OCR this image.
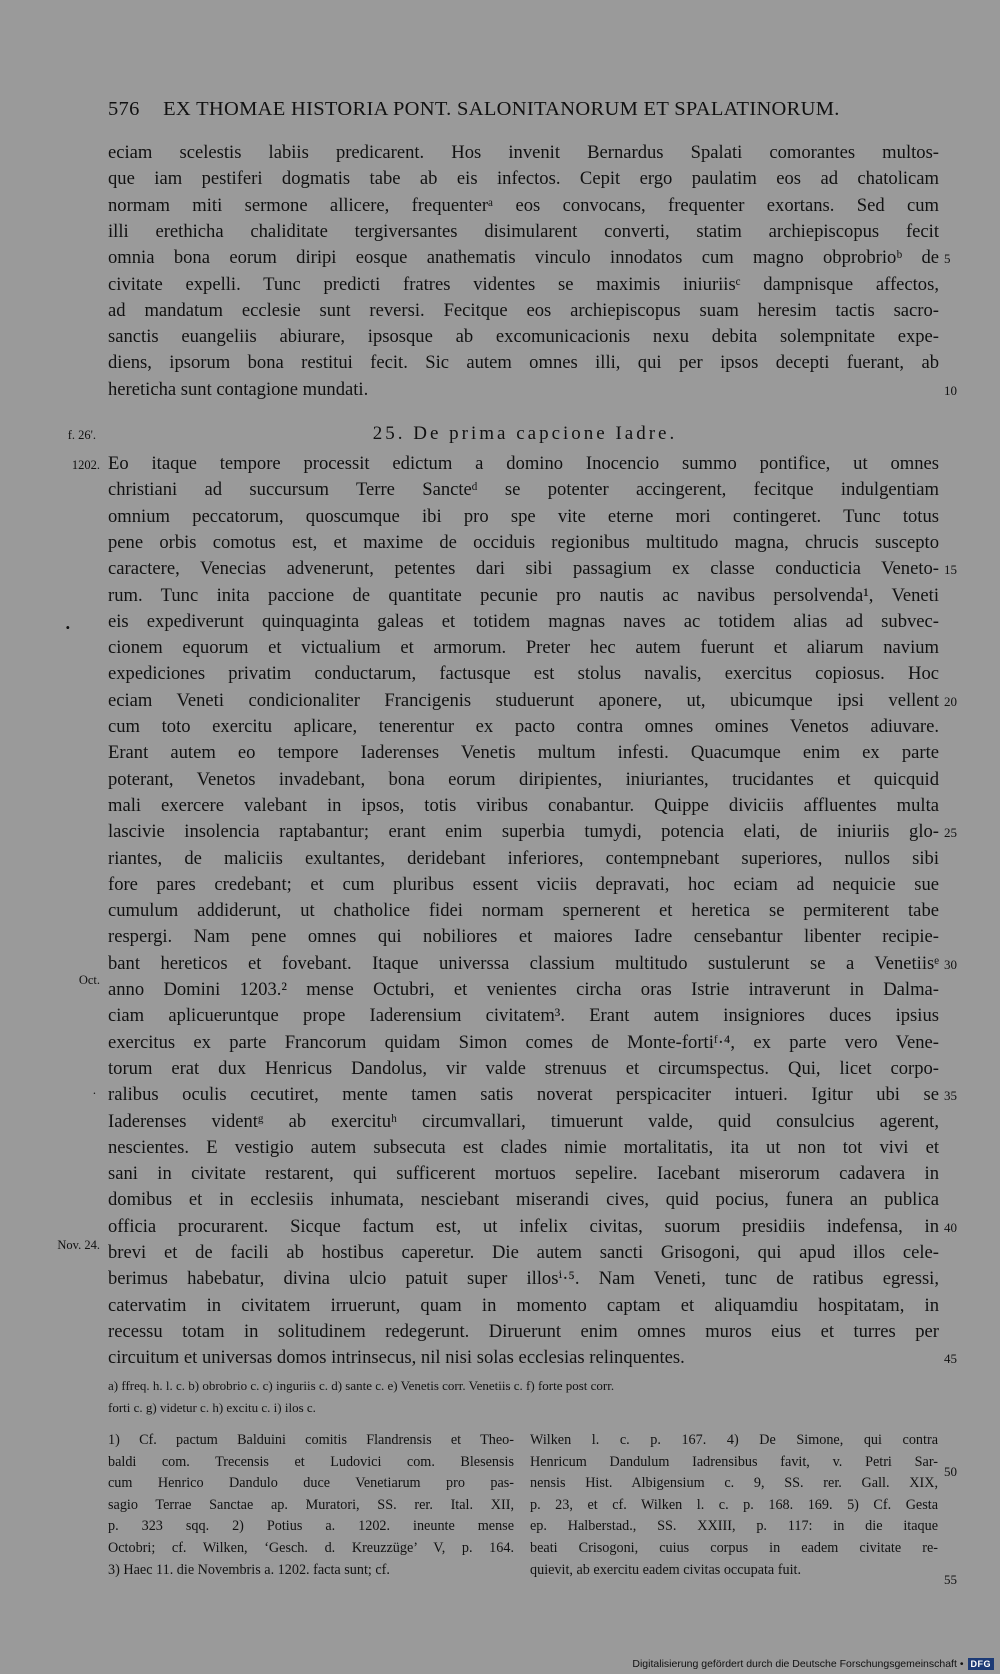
576 EX THOMAE HISTORIA PONT. SALONITANORUM ET SPALATINORUM.
eciam scelestis labiis predicarent. Hos invenit Bernardus Spalati comorantes multos-
que iam pestiferi dogmatis tabe ab eis infectos. Cepit ergo paulatim eos ad chatolicam
normam miti sermone allicere, frequenterᵃ eos convocans, frequenter exortans. Sed cum
illi erethicha chaliditate tergiversantes disimularent converti, statim archiepiscopus fecit
omnia bona eorum diripi eosque anathematis vinculo innodatos cum magno obprobrioᵇ de 5
civitate expelli. Tunc predicti fratres videntes se maximis iniuriisᶜ dampnisque affectos,
ad mandatum ecclesie sunt reversi. Fecitque eos archiepiscopus suam heresim tactis sacro-
sanctis euangeliis abiurare, ipsosque ab excomunicacionis nexu debita solempnitate expe-
diens, ipsorum bona restitui fecit. Sic autem omnes illi, qui per ipsos decepti fuerant, ab
hereticha sunt contagione mundati.	10
f. 26'.	25. De prima capcione Iadre.
Eo itaque tempore processit edictum a domino Inocencio summo pontifice, ut omnes
christiani ad succursum Terre Sancteᵈ se potenter accingerent, fecitque indulgentiam
omnium peccatorum, quoscumque ibi pro spe vite eterne mori contingeret. Tunc totus
pene orbis comotus est, et maxime de occiduis regionibus multitudo magna, chrucis suscepto
caractere, Venecias advenerunt, petentes dari sibi passagium ex classe conducticia Veneto- 15
rum. Tunc inita paccione de quantitate pecunie pro nautis ac navibus persolvenda¹, Veneti
eis expediverunt quinquaginta galeas et totidem magnas naves ac totidem alias ad subvec-
cionem equorum et victualium et armorum. Preter hec autem fuerunt et aliarum navium
expediciones privatim conductarum, factusque est stolus navalis, exercitus copiosus. Hoc
eciam Veneti condicionaliter Francigenis studuerunt aponere, ut, ubicumque ipsi vellent 20
cum toto exercitu aplicare, tenerentur ex pacto contra omnes omines Venetos adiuvare.
Erant autem eo tempore Iaderenses Venetis multum infesti. Quacumque enim ex parte
poterant, Venetos invadebant, bona eorum diripientes, iniuriantes, trucidantes et quicquid
mali exercere valebant in ipsos, totis viribus conabantur. Quippe diviciis affluentes multa
lascivie insolencia raptabantur; erant enim superbia tumydi, potencia elati, de iniuriis glo- 25
riantes, de maliciis exultantes, deridebant inferiores, contempnebant superiores, nullos sibi
fore pares credebant; et cum pluribus essent viciis depravati, hoc eciam ad nequicie sue
cumulum addiderunt, ut chatholice fidei normam spernerent et heretica se permiterent tabe
respergi. Nam pene omnes qui nobiliores et maiores Iadre censebantur libenter recipie-
bant hereticos et fovebant. Itaque universsa classium multitudo sustulerunt se a Venetiisᵉ 30
anno Domini 1203.² mense Octubri, et venientes circha oras Istrie intraverunt in Dalma-
ciam aplicueruntque prope Iaderensium civitatem³. Erant autem insigniores duces ipsius
exercitus ex parte Francorum quidam Simon comes de Monte-fortiᶠ·⁴, ex parte vero Vene-
torum erat dux Henricus Dandolus, vir valde strenuus et circumspectus. Qui, licet corpo-
ralibus oculis cecutiret, mente tamen satis noverat perspicaciter intueri. Igitur ubi se 35
Iaderenses videntᵍ ab exercituʰ circumvallari, timuerunt valde, quid consulcius agerent,
nescientes. E vestigio autem subsecuta est clades nimie mortalitatis, ita ut non tot vivi et
sani in civitate restarent, qui sufficerent mortuos sepelire. Iacebant miserorum cadavera in
domibus et in ecclesiis inhumata, nesciebant miserandi cives, quid pocius, funera an publica
officia procurarent. Sicque factum est, ut infelix civitas, suorum presidiis indefensa, in 40
brevi et de facili ab hostibus caperetur. Die autem sancti Grisogoni, qui apud illos cele-
berimus habebatur, divina ulcio patuit super illosⁱ·⁵. Nam Veneti, tunc de ratibus egressi,
catervatim in civitatem irruerunt, quam in momento captam et aliquamdiu hospitatam, in
recessu totam in solitudinem redegerunt. Diruerunt enim omnes muros eius et turres per
circuitum et universas domos intrinsecus, nil nisi solas ecclesias relinquentes.	45
1202.
•
Oct.
.
Nov. 24.
a) ffreq. h. l. c. b) obrobrio c. c) inguriis c. d) sante c. e) Venetis corr. Venetiis c. f) forte post corr.
forti c. g) videtur c. h) excitu c. i) ilos c.
1) Cf. pactum Balduini comitis Flandrensis et Theo-
baldi com. Trecensis et Ludovici com. Blesensis
cum Henrico Dandulo duce Venetiarum pro pas-
sagio Terrae Sanctae ap. Muratori, SS. rer. Ital. XII,
p. 323 sqq. 2) Potius a. 1202. ineunte mense
Octobri; cf. Wilken, ‘Gesch. d. Kreuzzüge’ V, p. 164.
3) Haec 11. die Novembris a. 1202. facta sunt; cf.
Wilken l. c. p. 167. 4) De Simone, qui contra
Henricum Dandulum Iadrensibus favit, v. Petri Sar-
nensis Hist. Albigensium c. 9, SS. rer. Gall. XIX,
p. 23, et cf. Wilken l. c. p. 168. 169. 5) Cf. Gesta
ep. Halberstad., SS. XXIII, p. 117: in die itaque
beati Crisogoni, cuius corpus in eadem civitate re-
quievit, ab exercitu eadem civitas occupata fuit.
50
55
Digitalisierung gefördert durch die Deutsche Forschungsgemeinschaft • DFG
